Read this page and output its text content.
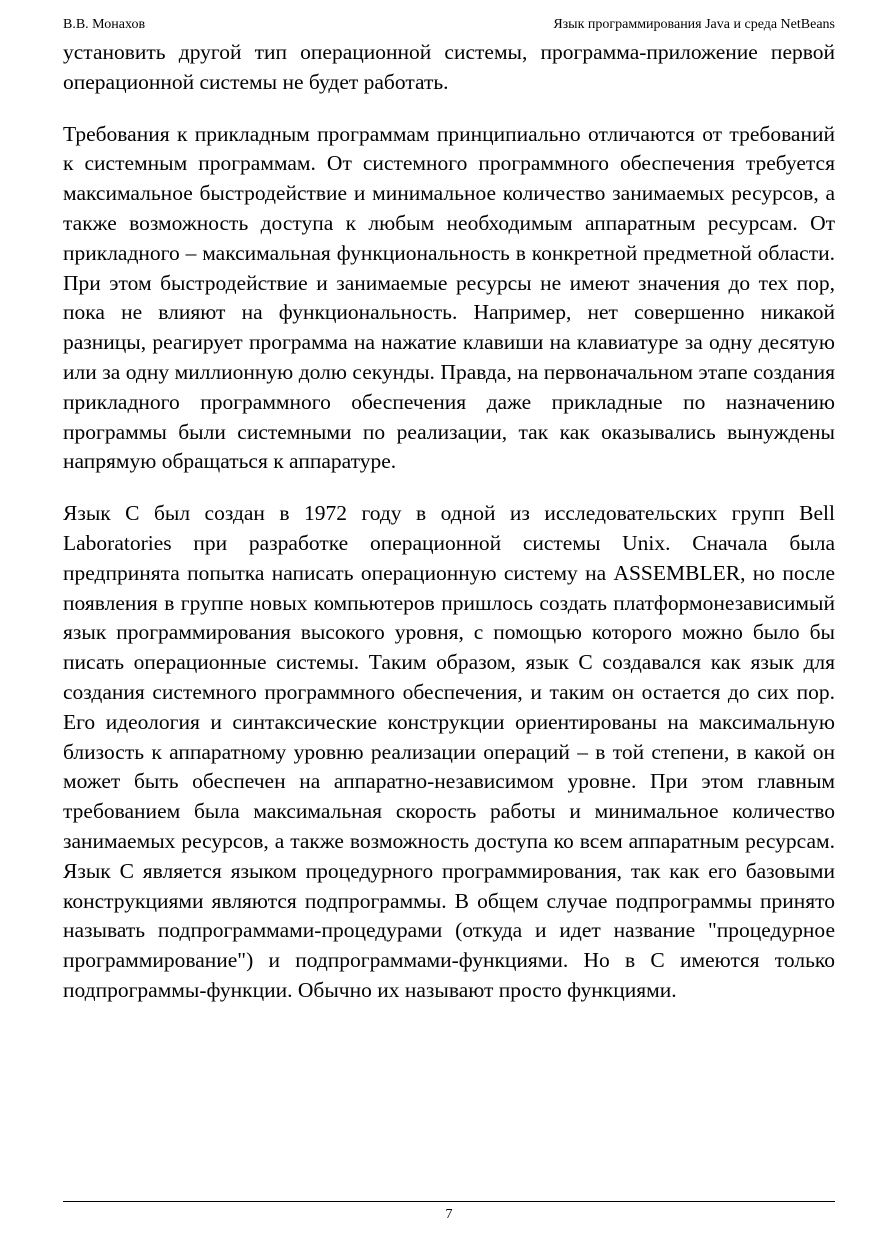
В.В. Монахов	Язык программирования Java и среда NetBeans

установить другой тип операционной системы, программа-приложение первой операционной системы не будет работать.

Требования к прикладным программам принципиально отличаются от требований к системным программам. От системного программного обеспечения требуется максимальное быстродействие и минимальное количество занимаемых ресурсов, а также возможность доступа к любым необходимым аппаратным ресурсам. От прикладного – максимальная функциональность в конкретной предметной области. При этом быстродействие и занимаемые ресурсы не имеют значения до тех пор, пока не влияют на функциональность. Например, нет совершенно никакой разницы, реагирует программа на нажатие клавиши на клавиатуре за одну десятую или за одну миллионную долю секунды. Правда, на первоначальном этапе создания прикладного программного обеспечения даже прикладные по назначению программы были системными по реализации, так как оказывались вынуждены напрямую обращаться к аппаратуре.

Язык C был создан в 1972 году в одной из исследовательских групп Bell Laboratories при разработке операционной системы Unix. Сначала была предпринята попытка написать операционную систему на ASSEMBLER, но после появления в группе новых компьютеров пришлось создать платформонезависимый язык программирования высокого уровня, с помощью которого можно было бы писать операционные системы. Таким образом, язык C создавался как язык для создания системного программного обеспечения, и таким он остается до сих пор. Его идеология и синтаксические конструкции ориентированы на максимальную близость к аппаратному уровню реализации операций – в той степени, в какой он может быть обеспечен на аппаратно-независимом уровне. При этом главным требованием была максимальная скорость работы и минимальное количество занимаемых ресурсов, а также возможность доступа ко всем аппаратным ресурсам. Язык C является языком процедурного программирования, так как его базовыми конструкциями являются подпрограммы. В общем случае подпрограммы принято называть подпрограммами-процедурами (откуда и идет название "процедурное программирование") и подпрограммами-функциями. Но в C имеются только подпрограммы-функции. Обычно их называют просто функциями.

7
